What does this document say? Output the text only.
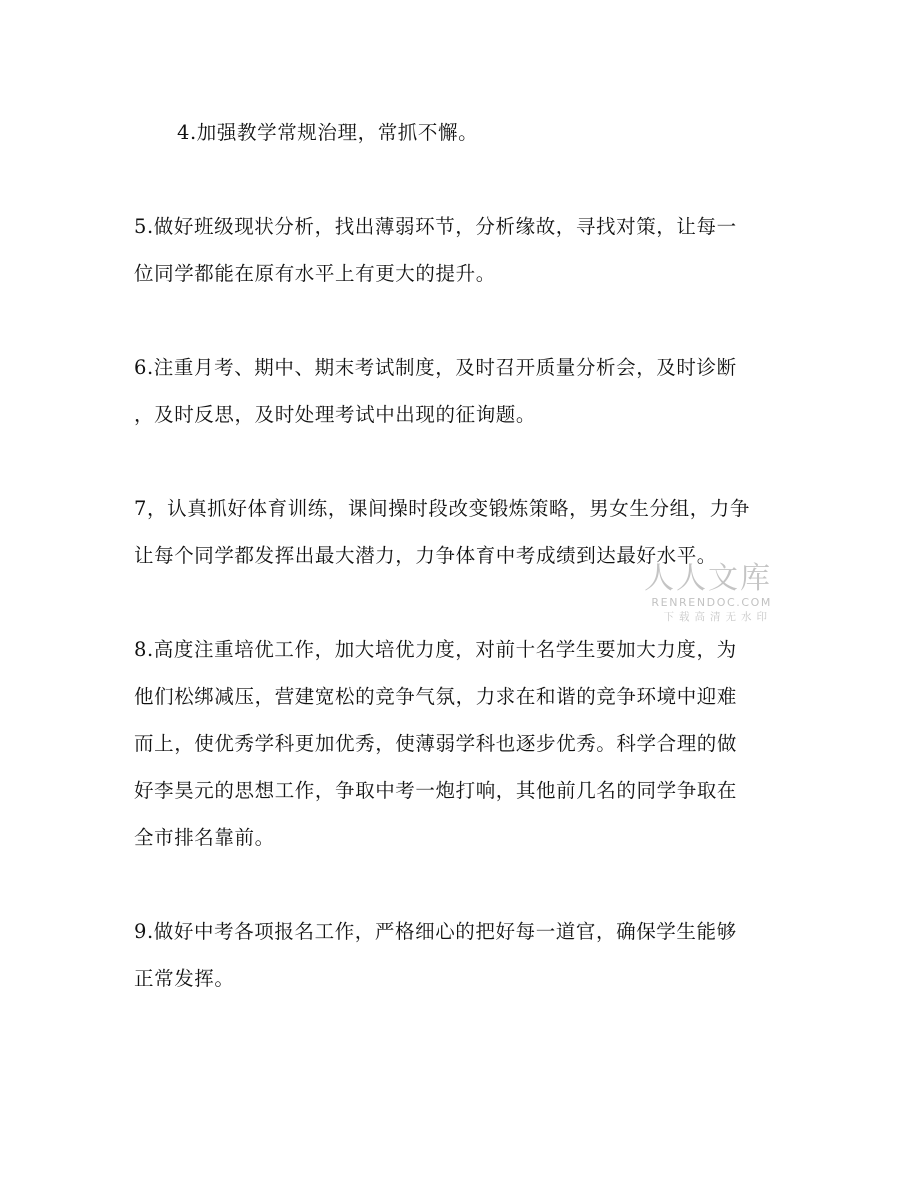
4.加强教学常规治理，常抓不懈。
5.做好班级现状分析，找出薄弱环节，分析缘故，寻找对策，让每一
位同学都能在原有水平上有更大的提升。
6.注重月考、期中、期末考试制度，及时召开质量分析会，及时诊断
，及时反思，及时处理考试中出现的征询题。
7，认真抓好体育训练，课间操时段改变锻炼策略，男女生分组，力争
让每个同学都发挥出最大潜力，力争体育中考成绩到达最好水平。
8.高度注重培优工作，加大培优力度，对前十名学生要加大力度，为
他们松绑减压，营建宽松的竞争气氛，力求在和谐的竞争环境中迎难
而上，使优秀学科更加优秀，使薄弱学科也逐步优秀。科学合理的做
好李昊元的思想工作，争取中考一炮打响，其他前几名的同学争取在
全市排名靠前。
9.做好中考各项报名工作，严格细心的把好每一道官，确保学生能够
正常发挥。
人人文库
RENRENDOC.COM
下载高清无水印
